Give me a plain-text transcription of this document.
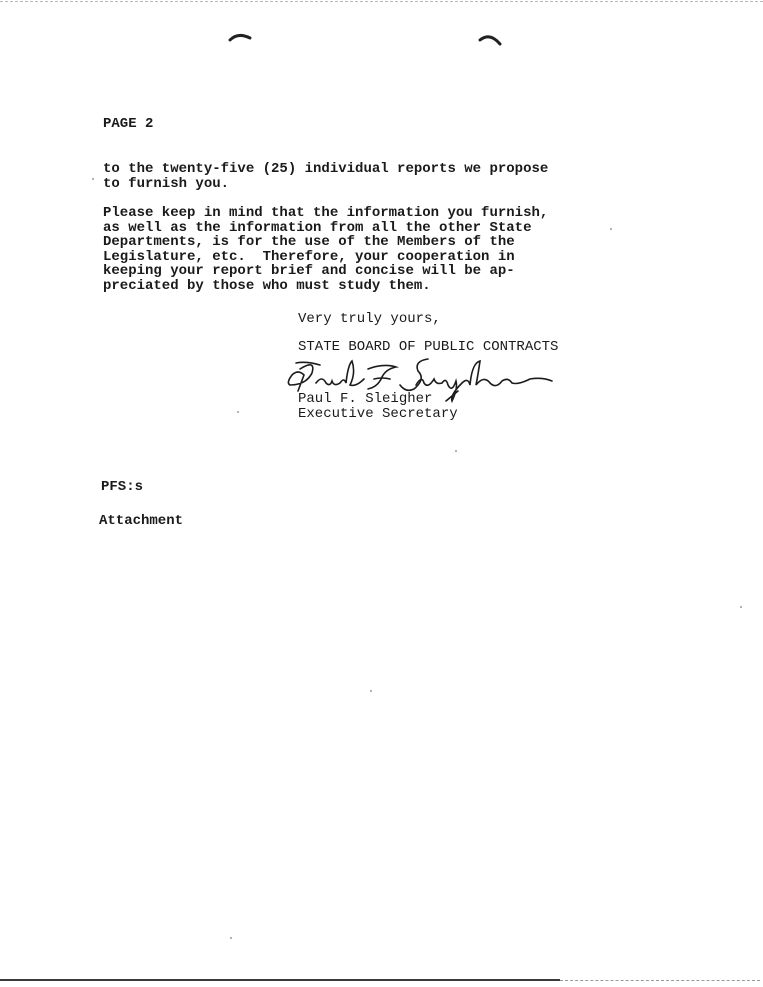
PAGE 2
to the twenty-five (25) individual reports we propose
to furnish you.
Please keep in mind that the information you furnish,
as well as the information from all the other State
Departments, is for the use of the Members of the
Legislature, etc.  Therefore, your cooperation in
keeping your report brief and concise will be ap-
preciated by those who must study them.
Very truly yours,
STATE BOARD OF PUBLIC CONTRACTS
Paul F. Sleigher
Executive Secretary
PFS:s
Attachment
